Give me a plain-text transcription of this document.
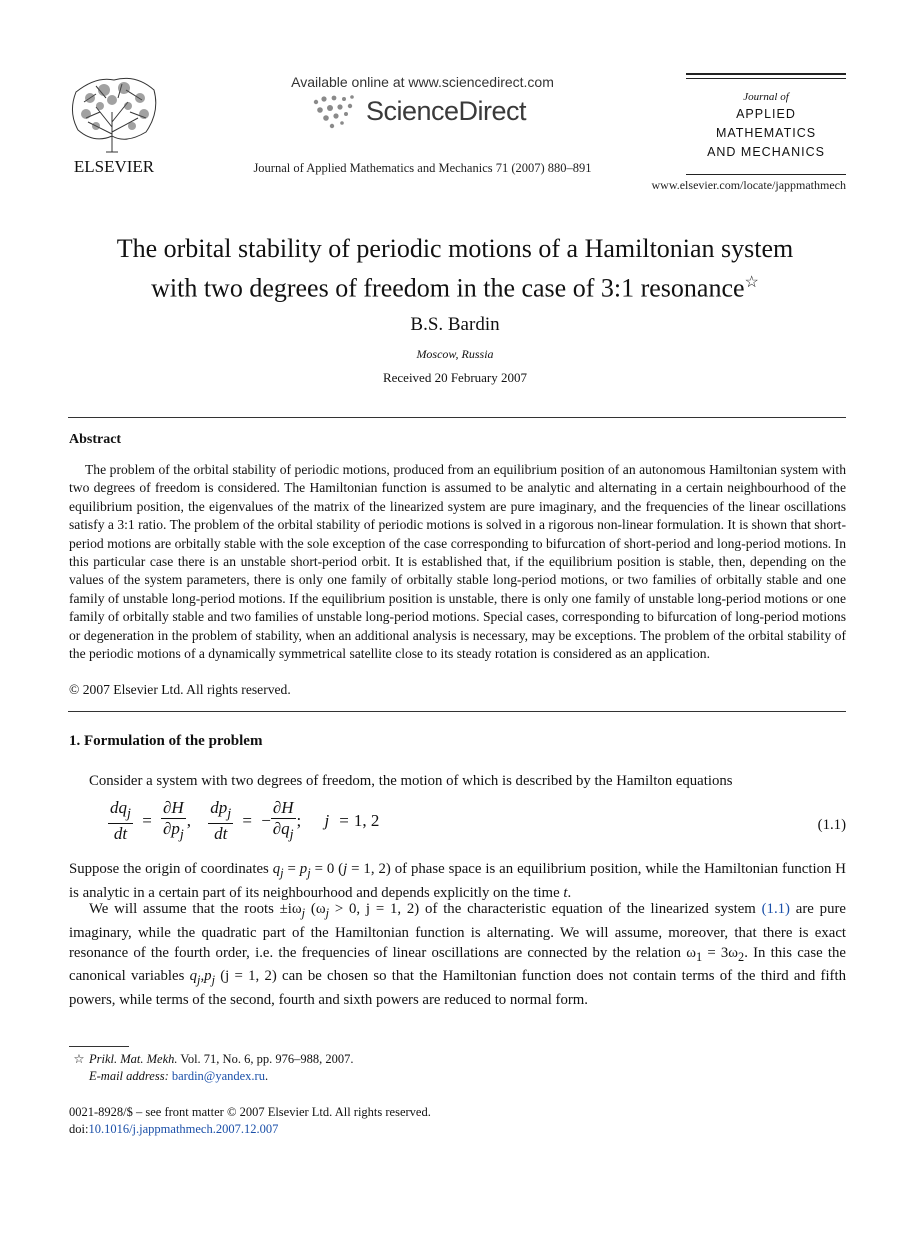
ELSEVIER
Available online at www.sciencedirect.com
ScienceDirect
Journal of Applied Mathematics and Mechanics 71 (2007) 880–891
Journal of
APPLIED
MATHEMATICS
AND MECHANICS
www.elsevier.com/locate/jappmathmech
The orbital stability of periodic motions of a Hamiltonian system
with two degrees of freedom in the case of 3:1 resonance☆
B.S. Bardin
Moscow, Russia
Received 20 February 2007
Abstract
The problem of the orbital stability of periodic motions, produced from an equilibrium position of an autonomous Hamiltonian system with two degrees of freedom is considered. The Hamiltonian function is assumed to be analytic and alternating in a certain neighbourhood of the equilibrium position, the eigenvalues of the matrix of the linearized system are pure imaginary, and the frequencies of the linear oscillations satisfy a 3:1 ratio. The problem of the orbital stability of periodic motions is solved in a rigorous non-linear formulation. It is shown that short-period motions are orbitally stable with the sole exception of the case corresponding to bifurcation of short-period and long-period motions. In this particular case there is an unstable short-period orbit. It is established that, if the equilibrium position is stable, then, depending on the values of the system parameters, there is only one family of orbitally stable long-period motions, or two families of orbitally stable and one family of unstable long-period motions. If the equilibrium position is unstable, there is only one family of unstable long-period motions or one family of orbitally stable and two families of unstable long-period motions. Special cases, corresponding to bifurcation of long-period motions or degeneration in the problem of stability, when an additional analysis is necessary, may be exceptions. The problem of the orbital stability of the periodic motions of a dynamically symmetrical satellite close to its steady rotation is considered as an application.
© 2007 Elsevier Ltd. All rights reserved.
1. Formulation of the problem
Consider a system with two degrees of freedom, the motion of which is described by the Hamilton equations
$\frac{dq_j}{dt} = \frac{\partial H}{\partial p_j}$ , $\frac{dp_j}{dt}$ = − $\frac{\partial H}{\partial q_j}$ ; j = 1, 2	(1.1)
Suppose the origin of coordinates $q_j = p_j = 0$ (j = 1, 2) of phase space is an equilibrium position, while the Hamiltonian function H is analytic in a certain part of its neighbourhood and depends explicitly on the time t.
We will assume that the roots $\pm i\omega_j$ ($\omega_j > 0$, j = 1, 2) of the characteristic equation of the linearized system (1.1) are pure imaginary, while the quadratic part of the Hamiltonian function is alternating. We will assume, moreover, that there is exact resonance of the fourth order, i.e. the frequencies of linear oscillations are connected by the relation $\omega_1 = 3\omega_2$. In this case the canonical variables $q_j,p_j$ (j = 1, 2) can be chosen so that the Hamiltonian function does not contain terms of the third and fifth powers, while terms of the second, fourth and sixth powers are reduced to normal form.
☆ Prikl. Mat. Mekh. Vol. 71, No. 6, pp. 976–988, 2007.
E-mail address: bardin@yandex.ru.
0021-8928/$ – see front matter © 2007 Elsevier Ltd. All rights reserved.
doi:10.1016/j.jappmathmech.2007.12.007
